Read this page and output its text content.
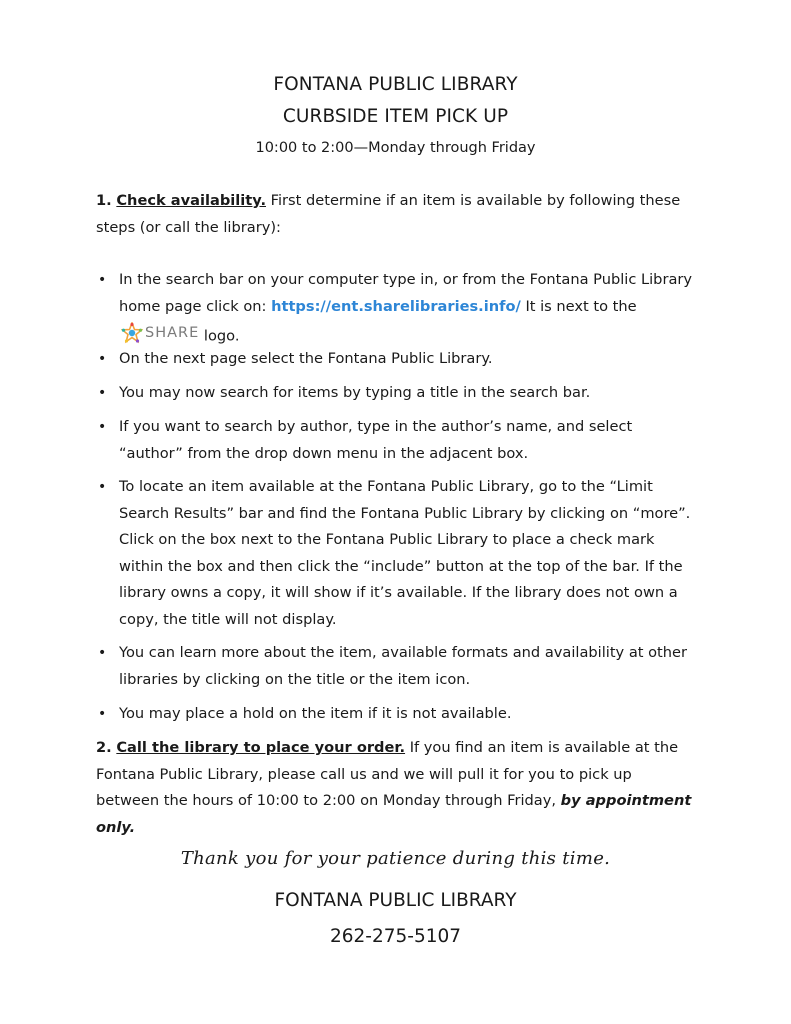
FONTANA PUBLIC LIBRARY
CURBSIDE ITEM PICK UP
10:00 to 2:00—Monday through Friday
1. Check availability. First determine if an item is available by following these steps (or call the library):
• In the search bar on your computer type in, or from the Fontana Public Library home page click on: https://ent.sharelibraries.info/ It is next to the
SHARE logo.
• On the next page select the Fontana Public Library.
• You may now search for items by typing a title in the search bar.
• If you want to search by author, type in the author’s name, and select “author” from the drop down menu in the adjacent box.
• To locate an item available at the Fontana Public Library, go to the “Limit Search Results” bar and find the Fontana Public Library by clicking on “more”. Click on the box next to the Fontana Public Library to place a check mark within the box and then click the “include” button at the top of the bar. If the library owns a copy, it will show if it’s available. If the library does not own a copy, the title will not display.
• You can learn more about the item, available formats and availability at other libraries by clicking on the title or the item icon.
• You may place a hold on the item if it is not available.
2. Call the library to place your order. If you find an item is available at the Fontana Public Library, please call us and we will pull it for you to pick up between the hours of 10:00 to 2:00 on Monday through Friday, by appointment only.
Thank you for your patience during this time.
FONTANA PUBLIC LIBRARY
262-275-5107
